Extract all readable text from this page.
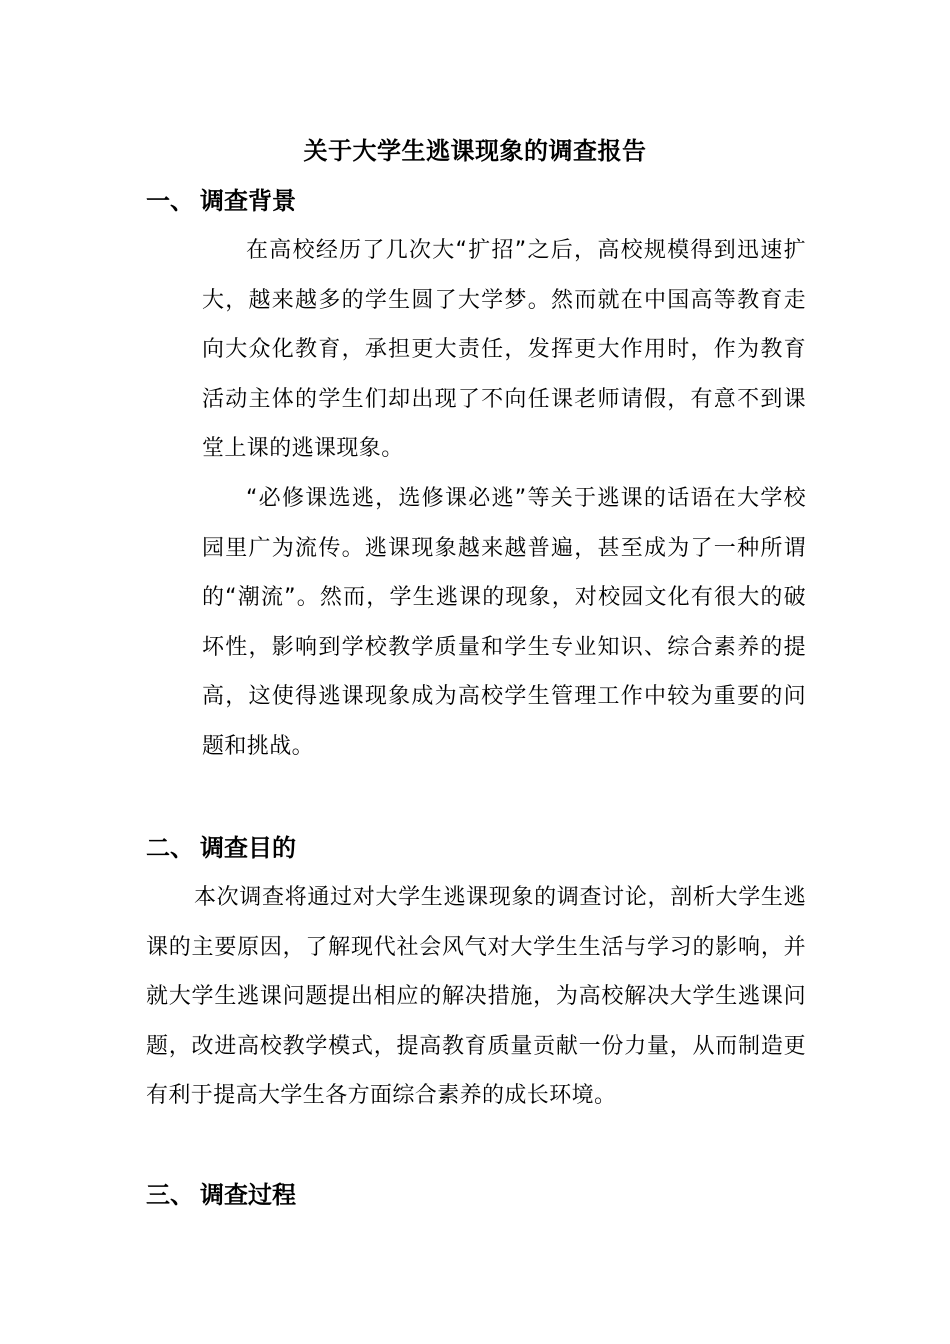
关于大学生逃课现象的调查报告
一、 调查背景

在高校经历了几次大“扩招”之后，高校规模得到迅速扩大，越来越多的学生圆了大学梦。然而就在中国高等教育走向大众化教育，承担更大责任，发挥更大作用时，作为教育活动主体的学生们却出现了不向任课老师请假，有意不到课堂上课的逃课现象。

“必修课选逃，选修课必逃”等关于逃课的话语在大学校园里广为流传。逃课现象越来越普遍，甚至成为了一种所谓的“潮流”。然而，学生逃课的现象，对校园文化有很大的破坏性，影响到学校教学质量和学生专业知识、综合素养的提高，这使得逃课现象成为高校学生管理工作中较为重要的问题和挑战。

二、 调查目的

本次调查将通过对大学生逃课现象的调查讨论，剖析大学生逃课的主要原因，了解现代社会风气对大学生生活与学习的影响，并就大学生逃课问题提出相应的解决措施，为高校解决大学生逃课问题，改进高校教学模式，提高教育质量贡献一份力量，从而制造更有利于提高大学生各方面综合素养的成长环境。

三、 调查过程
